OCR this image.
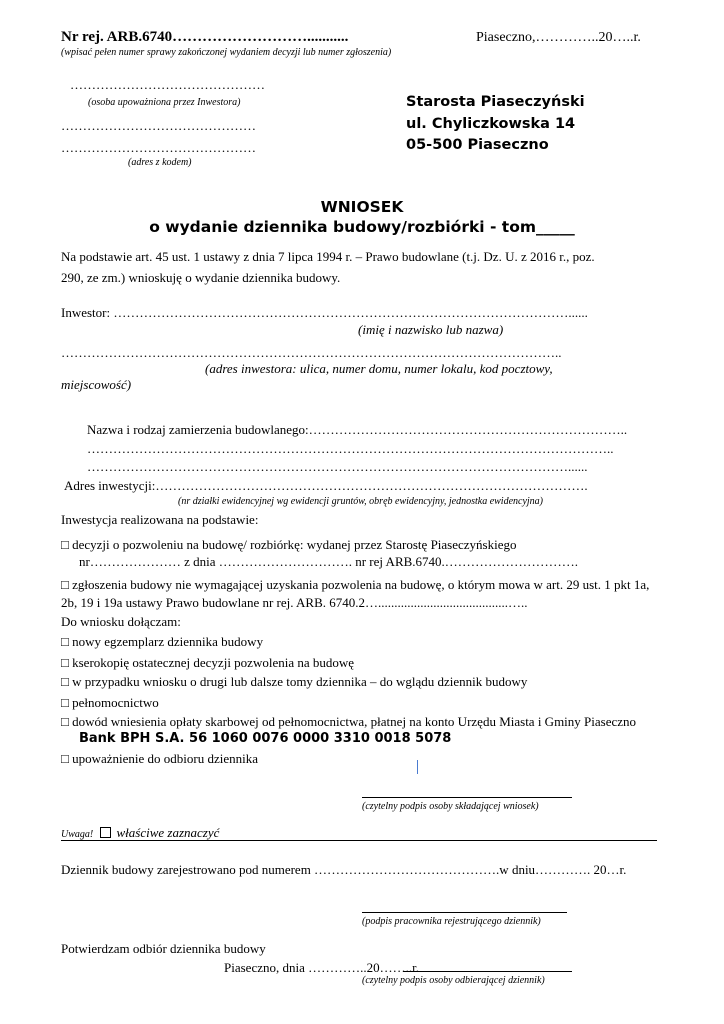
Nr rej. ARB.6740………………………...........	Piaseczno,…………..20…..r.
(wpisać pełen numer sprawy zakończonej wydaniem decyzji lub numer zgłoszenia)
………………………………………
(osoba upoważniona przez Inwestora)
………………………………………
………………………………………
(adres z kodem)
Starosta Piaseczyński
ul. Chyliczkowska 14
05-500 Piaseczno
WNIOSEK
o wydanie dziennika budowy/rozbiórki - tom_____
Na podstawie art. 45 ust. 1 ustawy z dnia 7 lipca 1994 r. – Prawo budowlane (t.j. Dz. U. z 2016 r., poz.
290, ze zm.) wnioskuję o wydanie dziennika budowy.
Inwestor: ……………………………………………………………………………………………......
(imię i nazwisko lub nazwa)
……………………………………………………………………………………………………..
(adres inwestora: ulica, numer domu, numer lokalu, kod pocztowy,
miejscowość)
Nazwa i rodzaj zamierzenia budowlanego:………………………………………………………………..
…………………………………………………………………………………………………………..
…………………………………………………………………………………………………......
Adres inwestycji:……………………………………………………………………………………….
(nr działki ewidencyjnej wg ewidencji gruntów, obręb ewidencyjny, jednostka ewidencyjna)
Inwestycja realizowana na podstawie:
□ decyzji o pozwoleniu na budowę/ rozbiórkę: wydanej przez Starostę Piaseczyńskiego
nr………………… z dnia …………………………. nr rej ARB.6740.………………………….
□ zgłoszenia budowy nie wymagającej uzyskania pozwolenia na budowę, o którym mowa w art. 29 ust. 1 pkt 1a,
2b, 19 i 19a ustawy Prawo budowlane nr rej. ARB. 6740.2…........................................…..
Do wniosku dołączam:
□ nowy egzemplarz dziennika budowy
□ kserokopię ostatecznej decyzji pozwolenia na budowę
□ w przypadku wniosku o drugi lub dalsze tomy dziennika – do wglądu dziennik budowy
□ pełnomocnictwo
□ dowód wniesienia opłaty skarbowej od pełnomocnictwa, płatnej na konto Urzędu Miasta i Gminy Piaseczno
Bank BPH S.A. 56 1060 0076 0000 3310 0018 5078
□ upoważnienie do odbioru dziennika
(czytelny podpis osoby składającej wniosek)
Uwaga! właściwe zaznaczyć
Dziennik budowy zarejestrowano pod numerem …………………………………….w dniu…………. 20…r.
(podpis pracownika rejestrującego dziennik)
Potwierdzam odbiór dziennika budowy
Piaseczno, dnia …………..20……..r.
(czytelny podpis osoby odbierającej dziennik)
